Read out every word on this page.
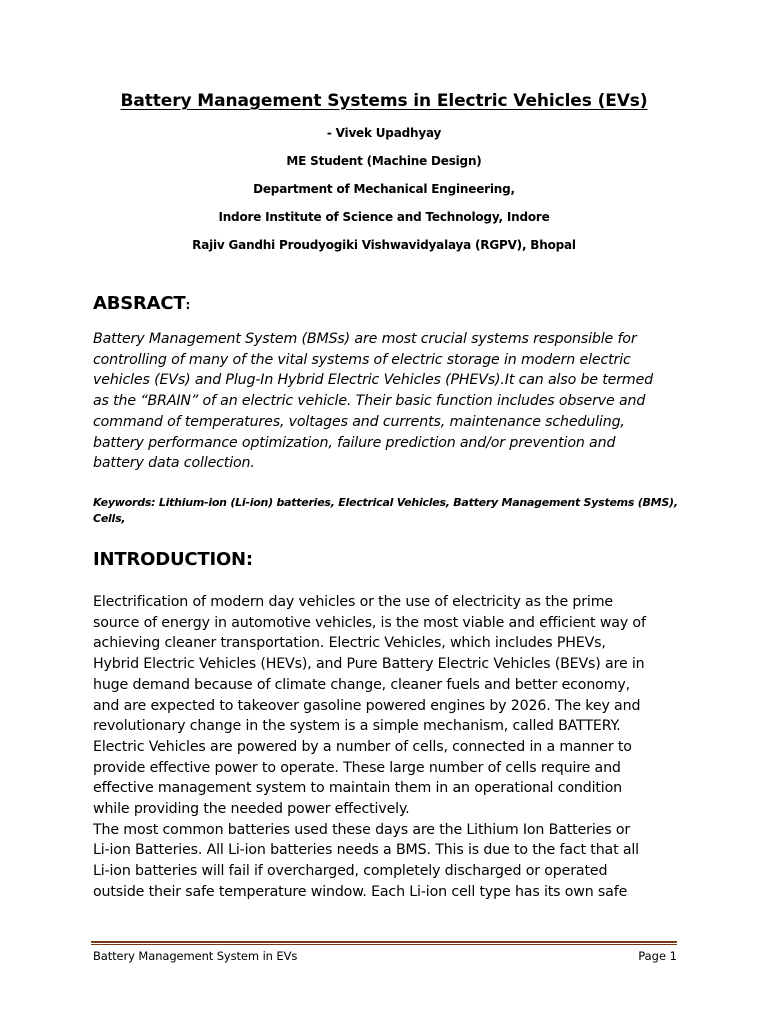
Battery Management Systems in Electric Vehicles (EVs)
- Vivek Upadhyay
ME Student (Machine Design)
Department of Mechanical Engineering,
Indore Institute of Science and Technology, Indore
Rajiv Gandhi Proudyogiki Vishwavidyalaya (RGPV), Bhopal
ABSRACT:
Battery Management System (BMSs) are most crucial systems responsible for
controlling of many of the vital systems of electric storage in modern electric
vehicles (EVs) and Plug-In Hybrid Electric Vehicles (PHEVs).It can also be termed
as the “BRAIN” of an electric vehicle. Their basic function includes observe and
command of temperatures, voltages and currents, maintenance scheduling,
battery performance optimization, failure prediction and/or prevention and
battery data collection.
Keywords: Lithium-ion (Li-ion) batteries, Electrical Vehicles, Battery Management Systems (BMS),
Cells,
INTRODUCTION:
Electrification of modern day vehicles or the use of electricity as the prime
source of energy in automotive vehicles, is the most viable and efficient way of
achieving cleaner transportation. Electric Vehicles, which includes PHEVs,
Hybrid Electric Vehicles (HEVs), and Pure Battery Electric Vehicles (BEVs) are in
huge demand because of climate change, cleaner fuels and better economy,
and are expected to takeover gasoline powered engines by 2026. The key and
revolutionary change in the system is a simple mechanism, called BATTERY.
Electric Vehicles are powered by a number of cells, connected in a manner to
provide effective power to operate. These large number of cells require and
effective management system to maintain them in an operational condition
while providing the needed power effectively.
The most common batteries used these days are the Lithium Ion Batteries or
Li-ion Batteries. All Li-ion batteries needs a BMS. This is due to the fact that all
Li-ion batteries will fail if overcharged, completely discharged or operated
outside their safe temperature window. Each Li-ion cell type has its own safe
Battery Management System in EVs	Page 1
